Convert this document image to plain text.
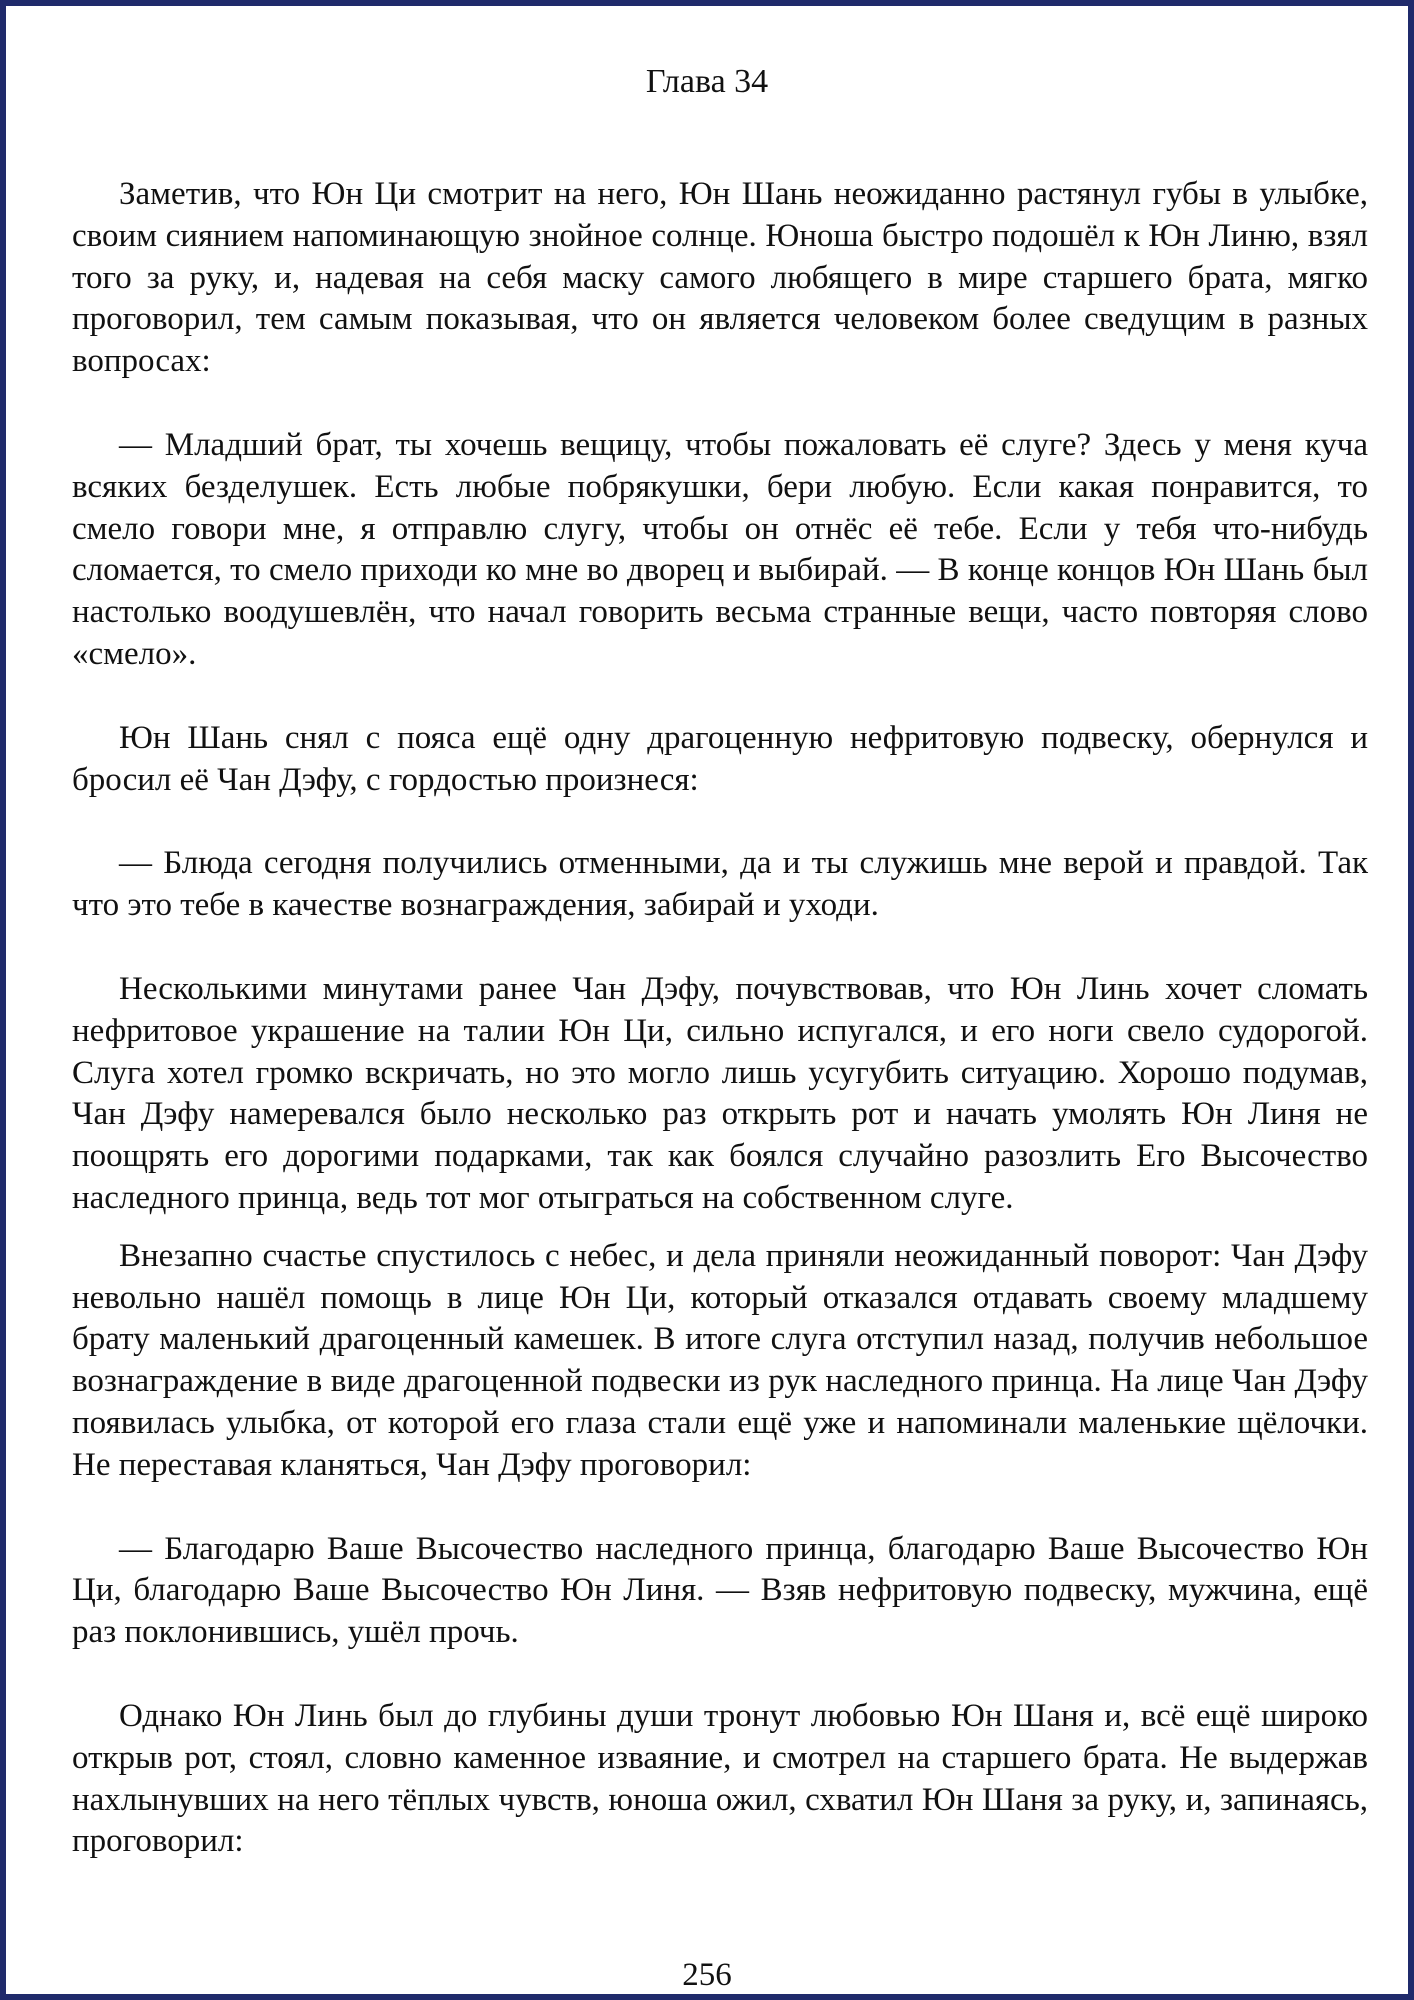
Глава 34

Заметив, что Юн Ци смотрит на него, Юн Шань неожиданно растянул губы в улыбке, своим сиянием напоминающую знойное солнце. Юноша быстро подошёл к Юн Линю, взял того за руку, и, надевая на себя маску самого любящего в мире старшего брата, мягко проговорил, тем самым показывая, что он является человеком более сведущим в разных вопросах:

— Младший брат, ты хочешь вещицу, чтобы пожаловать её слуге? Здесь у меня куча всяких безделушек. Есть любые побрякушки, бери любую. Если какая понравится, то смело говори мне, я отправлю слугу, чтобы он отнёс её тебе. Если у тебя что-нибудь сломается, то смело приходи ко мне во дворец и выбирай. — В конце концов Юн Шань был настолько воодушевлён, что начал говорить весьма странные вещи, часто повторяя слово «смело».

Юн Шань снял с пояса ещё одну драгоценную нефритовую подвеску, обернулся и бросил её Чан Дэфу, с гордостью произнеся:

— Блюда сегодня получились отменными, да и ты служишь мне верой и правдой. Так что это тебе в качестве вознаграждения, забирай и уходи.

Несколькими минутами ранее Чан Дэфу, почувствовав, что Юн Линь хочет сломать нефритовое украшение на талии Юн Ци, сильно испугался, и его ноги свело судорогой. Слуга хотел громко вскричать, но это могло лишь усугубить ситуацию. Хорошо подумав, Чан Дэфу намеревался было несколько раз открыть рот и начать умолять Юн Линя не поощрять его дорогими подарками, так как боялся случайно разозлить Его Высочество наследного принца, ведь тот мог отыграться на собственном слуге.

Внезапно счастье спустилось с небес, и дела приняли неожиданный поворот: Чан Дэфу невольно нашёл помощь в лице Юн Ци, который отказался отдавать своему младшему брату маленький драгоценный камешек. В итоге слуга отступил назад, получив небольшое вознаграждение в виде драгоценной подвески из рук наследного принца. На лице Чан Дэфу появилась улыбка, от которой его глаза стали ещё уже и напоминали маленькие щёлочки. Не переставая кланяться, Чан Дэфу проговорил:

— Благодарю Ваше Высочество наследного принца, благодарю Ваше Высочество Юн Ци, благодарю Ваше Высочество Юн Линя. — Взяв нефритовую подвеску, мужчина, ещё раз поклонившись, ушёл прочь.

Однако Юн Линь был до глубины души тронут любовью Юн Шаня и, всё ещё широко открыв рот, стоял, словно каменное изваяние, и смотрел на старшего брата. Не выдержав нахлынувших на него тёплых чувств, юноша ожил, схватил Юн Шаня за руку, и, запинаясь, проговорил:

256
